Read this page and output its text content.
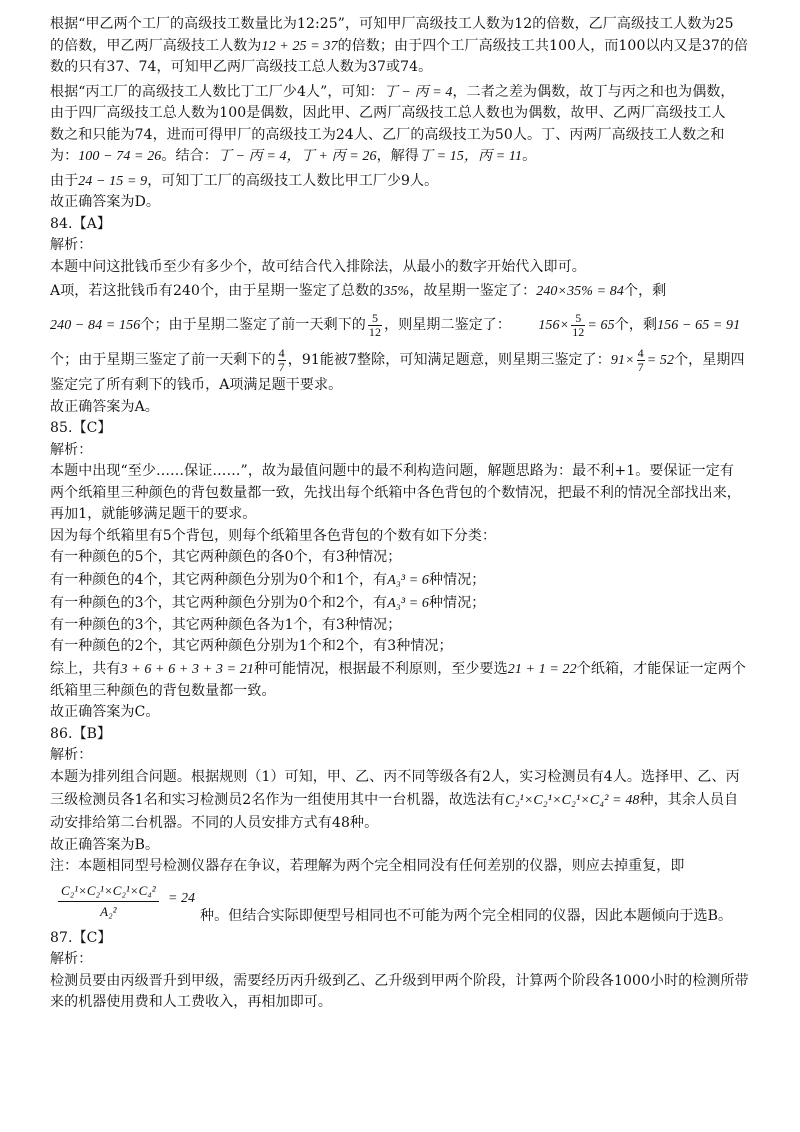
根据“甲乙两个工厂的高级技工数量比为12:25”，可知甲厂高级技工人数为12的倍数，乙厂高级技工人数为25
的倍数，甲乙两厂高级技工人数为12 + 25 = 37的倍数；由于四个工厂高级技工共100人，而100以内又是37的倍
数的只有37、74，可知甲乙两厂高级技工总人数为37或74。
根据“丙工厂的高级技工人数比丁工厂少4人”，可知：丁 − 丙 = 4，二者之差为偶数，故丁与丙之和也为偶数，
由于四厂高级技工总人数为100是偶数，因此甲、乙两厂高级技工总人数也为偶数，故甲、乙两厂高级技工人
数之和只能为74，进而可得甲厂的高级技工为24人、乙厂的高级技工为50人。丁、丙两厂高级技工人数之和
为：100 − 74 = 26。结合：丁 − 丙 = 4，丁 + 丙 = 26，解得丁 = 15，丙 = 11。
由于24 − 15 = 9，可知丁工厂的高级技工人数比甲工厂少9人。
故正确答案为D。
84.【A】
解析：
本题中问这批钱币至少有多少个，故可结合代入排除法，从最小的数字开始代入即可。
A项，若这批钱币有240个，由于星期一鉴定了总数的35%，故星期一鉴定了：240×35% = 84个，剩
240 − 84 = 156个；由于星期二鉴定了前一天剩下的 $\frac{5}{12}$ ，则星期二鉴定了： $156\times \frac{5}{12} = 65$个，剩156 − 65 = 91
个；由于星期三鉴定了前一天剩下的 $\frac{4}{7}$ ，91能被7整除，可知满足题意，则星期三鉴定了：$91\times \frac{4}{7} = 52$个，星期四
鉴定完了所有剩下的钱币，A项满足题干要求。
故正确答案为A。
85.【C】
解析：
本题中出现“至少……保证……”，故为最值问题中的最不利构造问题，解题思路为：最不利+1。要保证一定有
两个纸箱里三种颜色的背包数量都一致，先找出每个纸箱中各色背包的个数情况，把最不利的情况全部找出来，
再加1，就能够满足题干的要求。
因为每个纸箱里有5个背包，则每个纸箱里各色背包的个数有如下分类：
有一种颜色的5个，其它两种颜色的各0个，有3种情况；
有一种颜色的4个，其它两种颜色分别为0个和1个，有A₃³ = 6种情况；
有一种颜色的3个，其它两种颜色分别为0个和2个，有A₃³ = 6种情况；
有一种颜色的3个，其它两种颜色各为1个，有3种情况；
有一种颜色的2个，其它两种颜色分别为1个和2个，有3种情况；
综上，共有3 + 6 + 6 + 3 + 3 = 21种可能情况，根据最不利原则，至少要选21 + 1 = 22个纸箱，才能保证一定两个
纸箱里三种颜色的背包数量都一致。
故正确答案为C。
86.【B】
解析：
本题为排列组合问题。根据规则（1）可知，甲、乙、丙不同等级各有2人，实习检测员有4人。选择甲、乙、丙
三级检测员各1名和实习检测员2名作为一组使用其中一台机器，故选法有C₂¹×C₂¹×C₂¹×C₄² = 48种，其余人员自
动安排给第二台机器。不同的人员安排方式有48种。
故正确答案为B。
注：本题相同型号检测仪器存在争议，若理解为两个完全相同没有任何差别的仪器，则应去掉重复，即
C₂¹×C₂¹×C₂¹×C₄²
A₂²
= 24
种。但结合实际即便型号相同也不可能为两个完全相同的仪器，因此本题倾向于选B。
87.【C】
解析：
检测员要由丙级晋升到甲级，需要经历丙升级到乙、乙升级到甲两个阶段，计算两个阶段各1000小时的检测所带
来的机器使用费和人工费收入，再相加即可。
